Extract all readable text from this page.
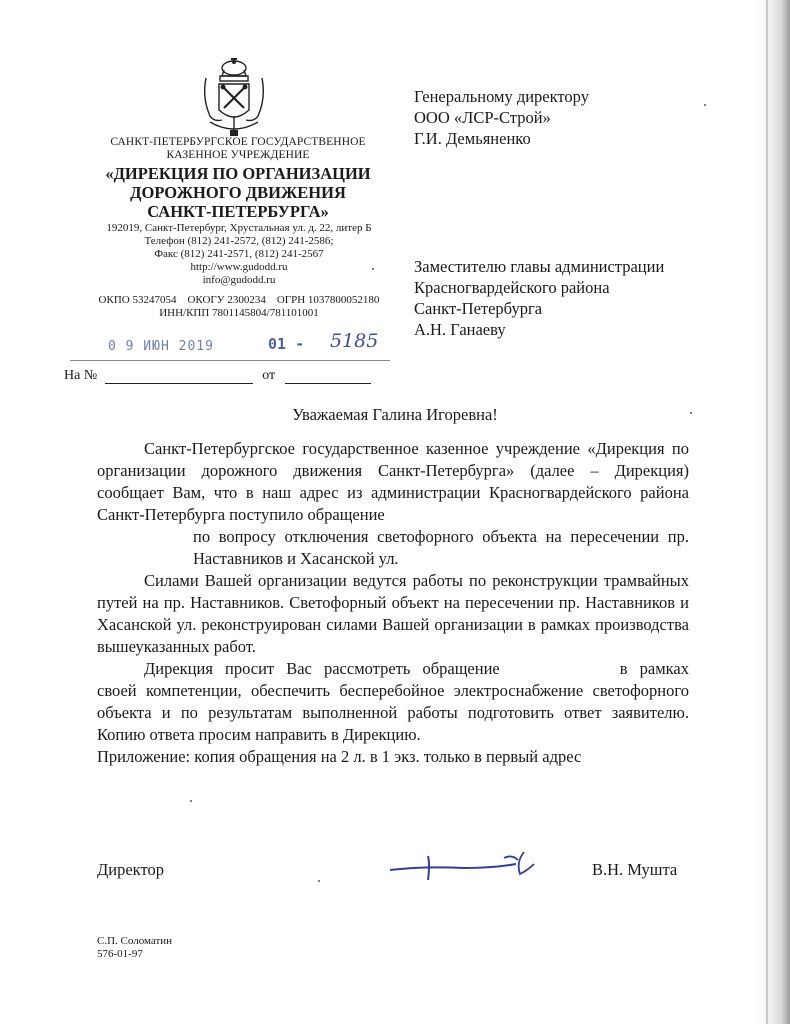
САНКТ-ПЕТЕРБУРГСКОЕ ГОСУДАРСТВЕННОЕ
КАЗЕННОЕ УЧРЕЖДЕНИЕ
«ДИРЕКЦИЯ ПО ОРГАНИЗАЦИИ
ДОРОЖНОГО ДВИЖЕНИЯ
САНКТ-ПЕТЕРБУРГА»
192019, Санкт-Петербург, Хрустальная ул. д. 22, литер Б
Телефон (812) 241-2572, (812) 241-2586;
Факс (812) 241-2571, (812) 241-2567
http://www.gudodd.ru
info@gudodd.ru
ОКПО 53247054    ОКОГУ 2300234    ОГРН 1037800052180
ИНН/КПП 7801145804/781101001
0 9 ИЮН 2019	01 - 5185
На №	от
Генеральному директору
ООО «ЛСР-Строй»
Г.И. Демьяненко
Заместителю главы администрации
Красногвардейского района
Санкт-Петербурга
А.Н. Ганаеву
Уважаемая Галина Игоревна!

Санкт-Петербургское государственное казенное учреждение «Дирекция по организации дорожного движения Санкт-Петербурга» (далее – Дирекция) сообщает Вам, что в наш адрес из администрации Красногвардейского района Санкт-Петербурга поступило обращение

по вопросу отключения светофорного объекта на пересечении пр. Наставников и Хасанской ул.

Силами Вашей организации ведутся работы по реконструкции трамвайных путей на пр. Наставников. Светофорный объект на пересечении пр. Наставников и Хасанской ул. реконструирован силами Вашей организации в рамках производства вышеуказанных работ.

Дирекция просит Вас рассмотреть обращение	в рамках своей компетенции, обеспечить бесперебойное электроснабжение светофорного объекта и по результатам выполненной работы подготовить ответ заявителю. Копию ответа просим направить в Дирекцию.

Приложение: копия обращения на 2 л. в 1 экз. только в первый адрес

Директор	В.Н. Мушта
С.П. Соломатин
576-01-97
